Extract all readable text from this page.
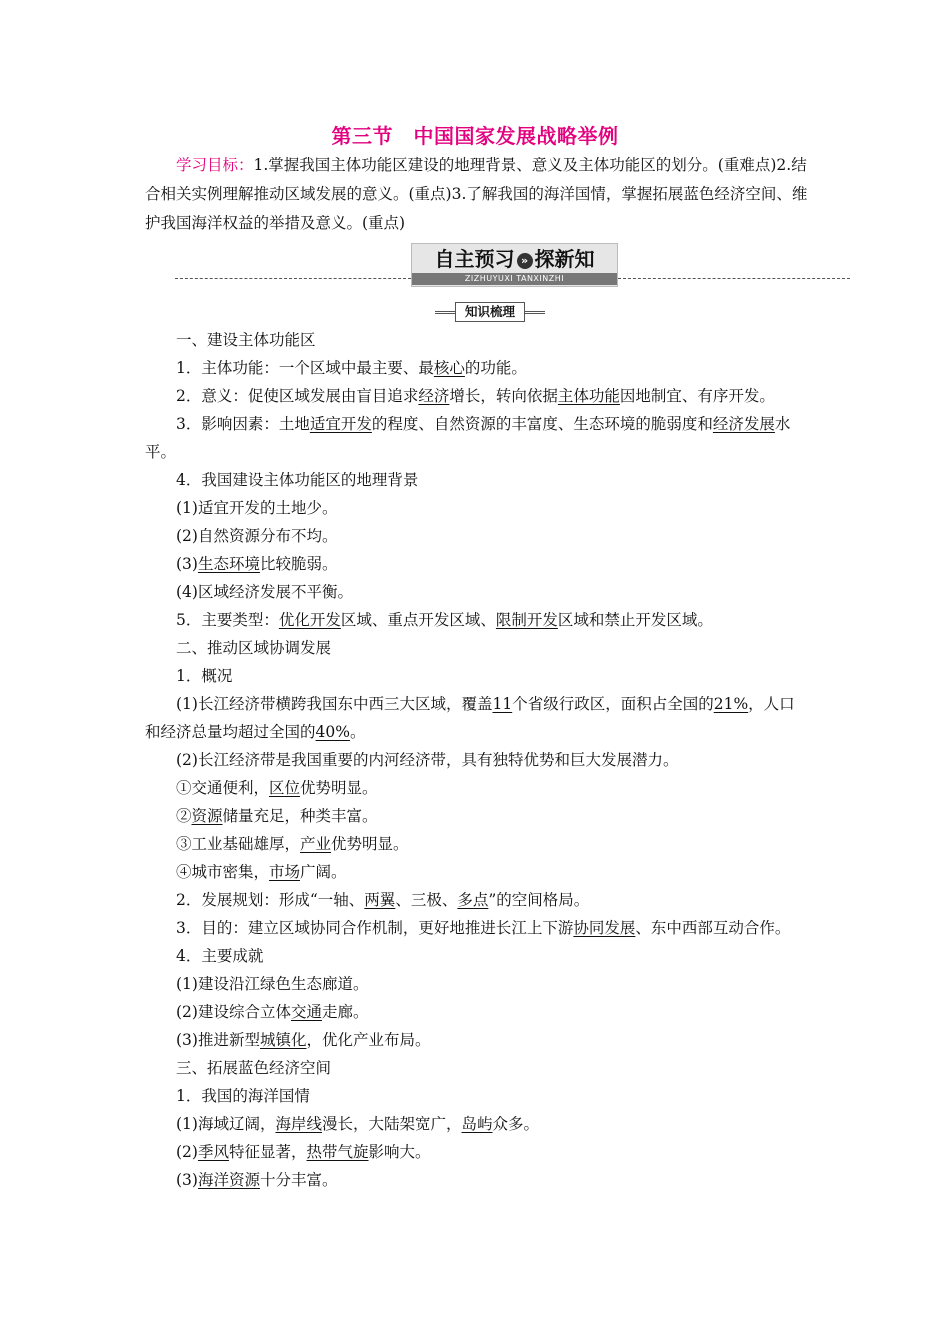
第三节　中国国家发展战略举例

学习目标：1.掌握我国主体功能区建设的地理背景、意义及主体功能区的划分。(重难点)2.结合相关实例理解推动区域发展的意义。(重点)3.了解我国的海洋国情，掌握拓展蓝色经济空间、维护我国海洋权益的举措及意义。(重点)

自主预习 » 探新知
ZIZHUYUXI TANXINZHI
知识梳理

一、建设主体功能区

1．主体功能：一个区域中最主要、最核心的功能。

2．意义：促使区域发展由盲目追求经济增长，转向依据主体功能因地制宜、有序开发。

3．影响因素：土地适宜开发的程度、自然资源的丰富度、生态环境的脆弱度和经济发展水平。

4．我国建设主体功能区的地理背景

(1)适宜开发的土地少。

(2)自然资源分布不均。

(3)生态环境比较脆弱。

(4)区域经济发展不平衡。

5．主要类型：优化开发区域、重点开发区域、限制开发区域和禁止开发区域。

二、推动区域协调发展

1．概况

(1)长江经济带横跨我国东中西三大区域，覆盖11个省级行政区，面积占全国的21%，人口和经济总量均超过全国的40%。

(2)长江经济带是我国重要的内河经济带，具有独特优势和巨大发展潜力。

①交通便利，区位优势明显。

②资源储量充足，种类丰富。

③工业基础雄厚，产业优势明显。

④城市密集，市场广阔。

2．发展规划：形成“一轴、两翼、三极、多点”的空间格局。

3．目的：建立区域协同合作机制，更好地推进长江上下游协同发展、东中西部互动合作。

4．主要成就

(1)建设沿江绿色生态廊道。

(2)建设综合立体交通走廊。

(3)推进新型城镇化，优化产业布局。

三、拓展蓝色经济空间

1．我国的海洋国情

(1)海域辽阔，海岸线漫长，大陆架宽广，岛屿众多。

(2)季风特征显著，热带气旋影响大。

(3)海洋资源十分丰富。
